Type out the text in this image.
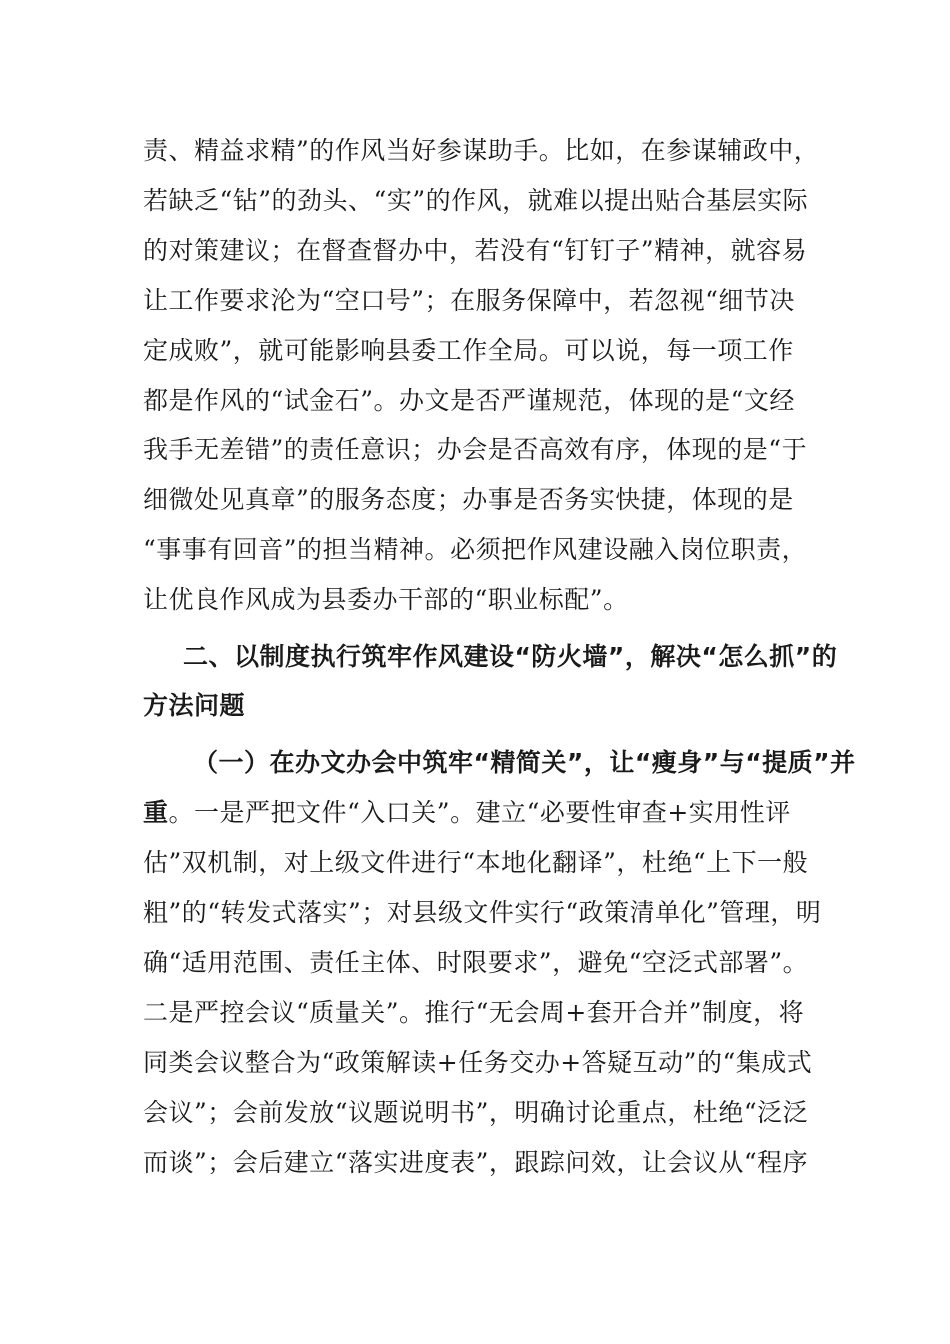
责、精益求精”的作风当好参谋助手。比如，在参谋辅政中，
若缺乏“钻”的劲头、“实”的作风，就难以提出贴合基层实际
的对策建议；在督查督办中，若没有“钉钉子”精神，就容易
让工作要求沦为“空口号”；在服务保障中，若忽视“细节决
定成败”，就可能影响县委工作全局。可以说，每一项工作
都是作风的“试金石”。办文是否严谨规范，体现的是“文经
我手无差错”的责任意识；办会是否高效有序，体现的是“于
细微处见真章”的服务态度；办事是否务实快捷，体现的是
“事事有回音”的担当精神。必须把作风建设融入岗位职责，
让优良作风成为县委办干部的“职业标配”。
二、以制度执行筑牢作风建设“防火墙”，解决“怎么抓”的
方法问题
（一）在办文办会中筑牢“精简关”，让“瘦身”与“提质”并
重。一是严把文件“入口关”。建立“必要性审查+实用性评
估”双机制，对上级文件进行“本地化翻译”，杜绝“上下一般
粗”的“转发式落实”；对县级文件实行“政策清单化”管理，明
确“适用范围、责任主体、时限要求”，避免“空泛式部署”。
二是严控会议“质量关”。推行“无会周+套开合并”制度，将
同类会议整合为“政策解读+任务交办+答疑互动”的“集成式
会议”；会前发放“议题说明书”，明确讨论重点，杜绝“泛泛
而谈”；会后建立“落实进度表”，跟踪问效，让会议从“程序
